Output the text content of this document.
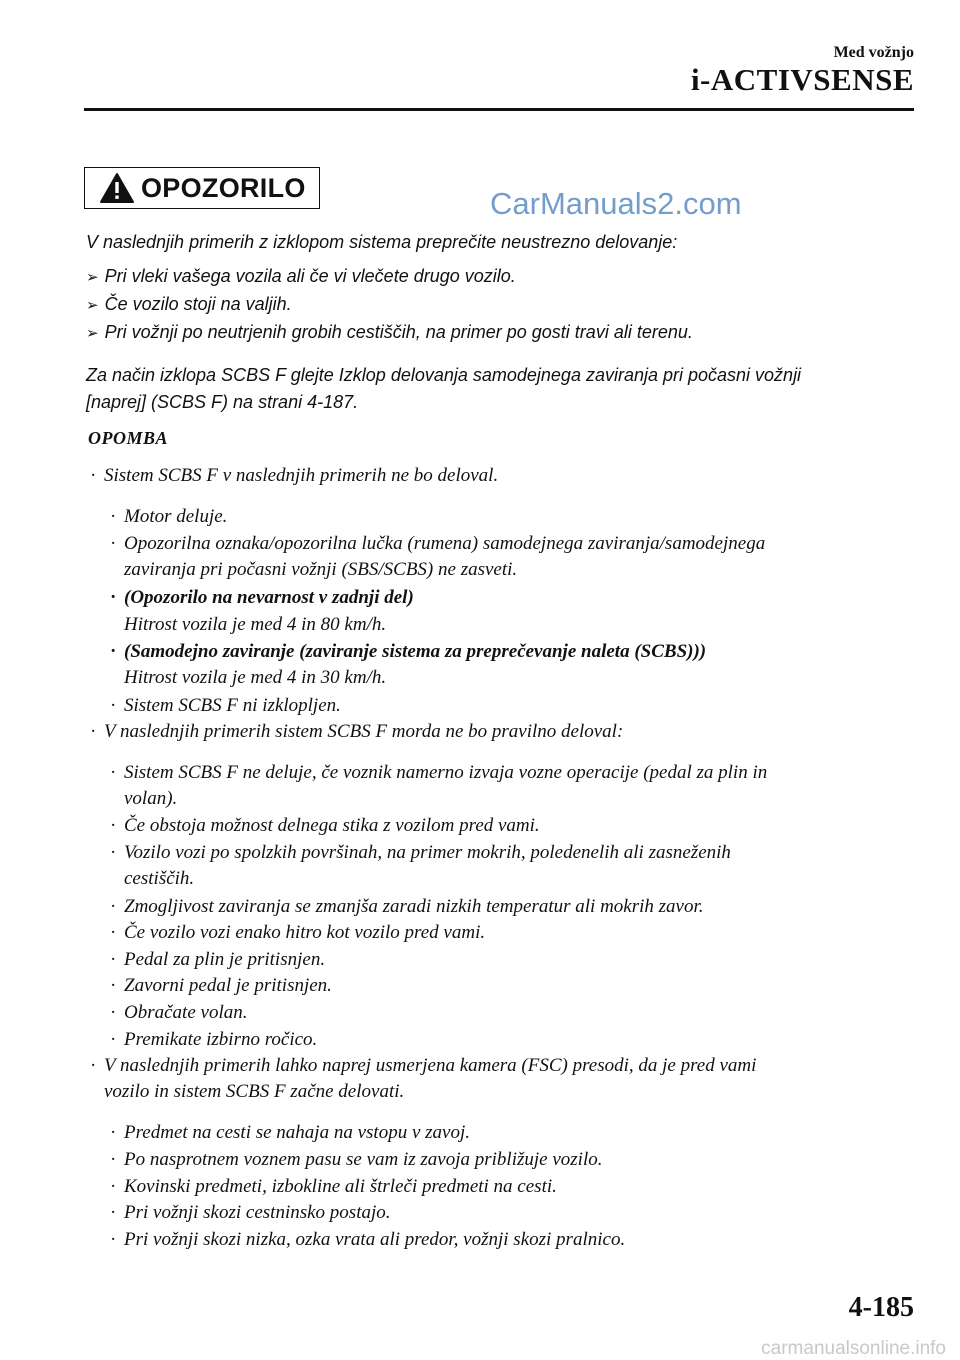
Med vožnjo
i-ACTIVSENSE
OPOZORILO	CarManuals2.com
V naslednjih primerih z izklopom sistema preprečite neustrezno delovanje:
➢ Pri vleki vašega vozila ali če vi vlečete drugo vozilo.
➢ Če vozilo stoji na valjih.
➢ Pri vožnji po neutrjenih grobih cestiščih, na primer po gosti travi ali terenu.
Za način izklopa SCBS F glejte Izklop delovanja samodejnega zaviranja pri počasni vožnji
[naprej] (SCBS F) na strani 4-187.
OPOMBA
· Sistem SCBS F v naslednjih primerih ne bo deloval.
· Motor deluje.
· Opozorilna oznaka/opozorilna lučka (rumena) samodejnega zaviranja/samodejnega
zaviranja pri počasni vožnji (SBS/SCBS) ne zasveti.
· (Opozorilo na nevarnost v zadnji del)
Hitrost vozila je med 4 in 80 km/h.
· (Samodejno zaviranje (zaviranje sistema za preprečevanje naleta (SCBS)))
Hitrost vozila je med 4 in 30 km/h.
· Sistem SCBS F ni izklopljen.
· V naslednjih primerih sistem SCBS F morda ne bo pravilno deloval:
· Sistem SCBS F ne deluje, če voznik namerno izvaja vozne operacije (pedal za plin in
volan).
· Če obstoja možnost delnega stika z vozilom pred vami.
· Vozilo vozi po spolzkih površinah, na primer mokrih, poledenelih ali zasneženih
cestiščih.
· Zmogljivost zaviranja se zmanjša zaradi nizkih temperatur ali mokrih zavor.
· Če vozilo vozi enako hitro kot vozilo pred vami.
· Pedal za plin je pritisnjen.
· Zavorni pedal je pritisnjen.
· Obračate volan.
· Premikate izbirno ročico.
· V naslednjih primerih lahko naprej usmerjena kamera (FSC) presodi, da je pred vami
vozilo in sistem SCBS F začne delovati.
· Predmet na cesti se nahaja na vstopu v zavoj.
· Po nasprotnem voznem pasu se vam iz zavoja približuje vozilo.
· Kovinski predmeti, izbokline ali štrleči predmeti na cesti.
· Pri vožnji skozi cestninsko postajo.
· Pri vožnji skozi nizka, ozka vrata ali predor, vožnji skozi pralnico.
4-185
carmanualsonline.info
